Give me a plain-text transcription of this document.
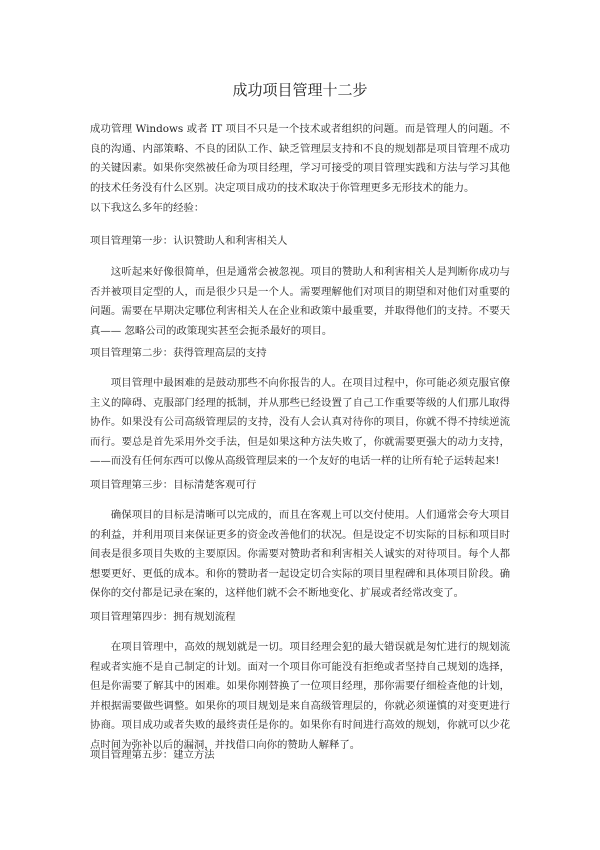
成功项目管理十二步

成功管理 Windows 或者 IT 项目不只是一个技术或者组织的问题。而是管理人的问题。不良的沟通、内部策略、不良的团队工作、缺乏管理层支持和不良的规划都是项目管理不成功的关键因素。如果你突然被任命为项目经理，学习可接受的项目管理实践和方法与学习其他的技术任务没有什么区别。决定项目成功的技术取决于你管理更多无形技术的能力。

以下我这么多年的经验：

项目管理第一步：认识赞助人和利害相关人

这听起来好像很简单，但是通常会被忽视。项目的赞助人和利害相关人是判断你成功与否并被项目定型的人，而是很少只是一个人。需要理解他们对项目的期望和对他们对重要的问题。需要在早期决定哪位利害相关人在企业和政策中最重要，并取得他们的支持。不要天真—— 忽略公司的政策现实甚至会扼杀最好的项目。

项目管理第二步：获得管理高层的支持

项目管理中最困难的是鼓动那些不向你报告的人。在项目过程中，你可能必须克服官僚主义的障碍、克服部门经理的抵制，并从那些已经设置了自己工作重要等级的人们那儿取得协作。如果没有公司高级管理层的支持，没有人会认真对待你的项目，你就不得不持续逆流而行。要总是首先采用外交手法，但是如果这种方法失败了，你就需要更强大的动力支持，——而没有任何东西可以像从高级管理层来的一个友好的电话一样的让所有轮子运转起来!

项目管理第三步：目标清楚客观可行

确保项目的目标是清晰可以完成的，而且在客观上可以交付使用。人们通常会夸大项目的利益，并利用项目来保证更多的资金改善他们的状况。但是设定不切实际的目标和项目时间表是很多项目失败的主要原因。你需要对赞助者和利害相关人诚实的对待项目。每个人都想要更好、更低的成本。和你的赞助者一起设定切合实际的项目里程碑和具体项目阶段。确保你的交付都是记录在案的，这样他们就不会不断地变化、扩展或者经常改变了。

项目管理第四步：拥有规划流程

在项目管理中，高效的规划就是一切。项目经理会犯的最大错误就是匆忙进行的规划流程或者实施不是自己制定的计划。面对一个项目你可能没有拒绝或者坚持自己规划的选择，但是你需要了解其中的困难。如果你刚替换了一位项目经理，那你需要仔细检查他的计划，并根据需要做些调整。如果你的项目规划是来自高级管理层的，你就必须谨慎的对变更进行协商。项目成功或者失败的最终责任是你的。如果你有时间进行高效的规划，你就可以少花点时间为弥补以后的漏洞，并找借口向你的赞助人解释了。

项目管理第五步：建立方法
